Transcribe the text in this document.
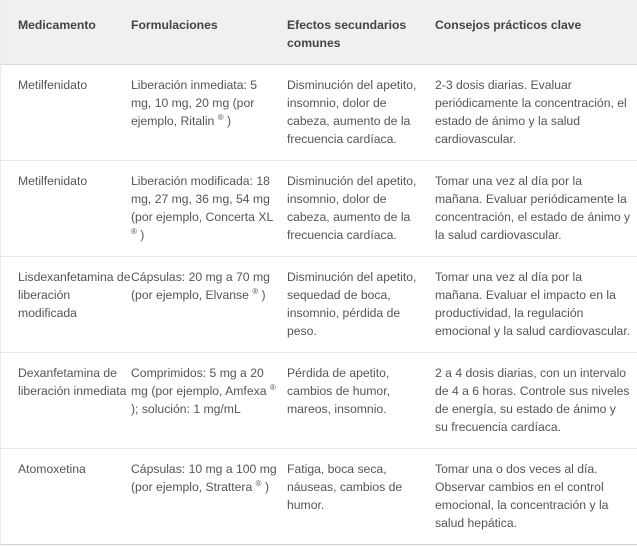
Medicamento	Formulaciones	Efectos secundarios comunes	Consejos prácticos clave
Metilfenidato	Liberación inmediata: 5 mg, 10 mg, 20 mg (por ejemplo, Ritalin ® )	Disminución del apetito, insomnio, dolor de cabeza, aumento de la frecuencia cardíaca.	2-3 dosis diarias. Evaluar periódicamente la concentración, el estado de ánimo y la salud cardiovascular.
Metilfenidato	Liberación modificada: 18 mg, 27 mg, 36 mg, 54 mg (por ejemplo, Concerta XL ® )	Disminución del apetito, insomnio, dolor de cabeza, aumento de la frecuencia cardíaca.	Tomar una vez al día por la mañana. Evaluar periódicamente la concentración, el estado de ánimo y la salud cardiovascular.
Lisdexanfetamina de liberación modificada	Cápsulas: 20 mg a 70 mg (por ejemplo, Elvanse ® )	Disminución del apetito, sequedad de boca, insomnio, pérdida de peso.	Tomar una vez al día por la mañana. Evaluar el impacto en la productividad, la regulación emocional y la salud cardiovascular.
Dexanfetamina de liberación inmediata	Comprimidos: 5 mg a 20 mg (por ejemplo, Amfexa ® ); solución: 1 mg/mL	Pérdida de apetito, cambios de humor, mareos, insomnio.	2 a 4 dosis diarias, con un intervalo de 4 a 6 horas. Controle sus niveles de energía, su estado de ánimo y su frecuencia cardíaca.
Atomoxetina	Cápsulas: 10 mg a 100 mg (por ejemplo, Strattera ® )	Fatiga, boca seca, náuseas, cambios de humor.	Tomar una o dos veces al día. Observar cambios en el control emocional, la concentración y la salud hepática.
